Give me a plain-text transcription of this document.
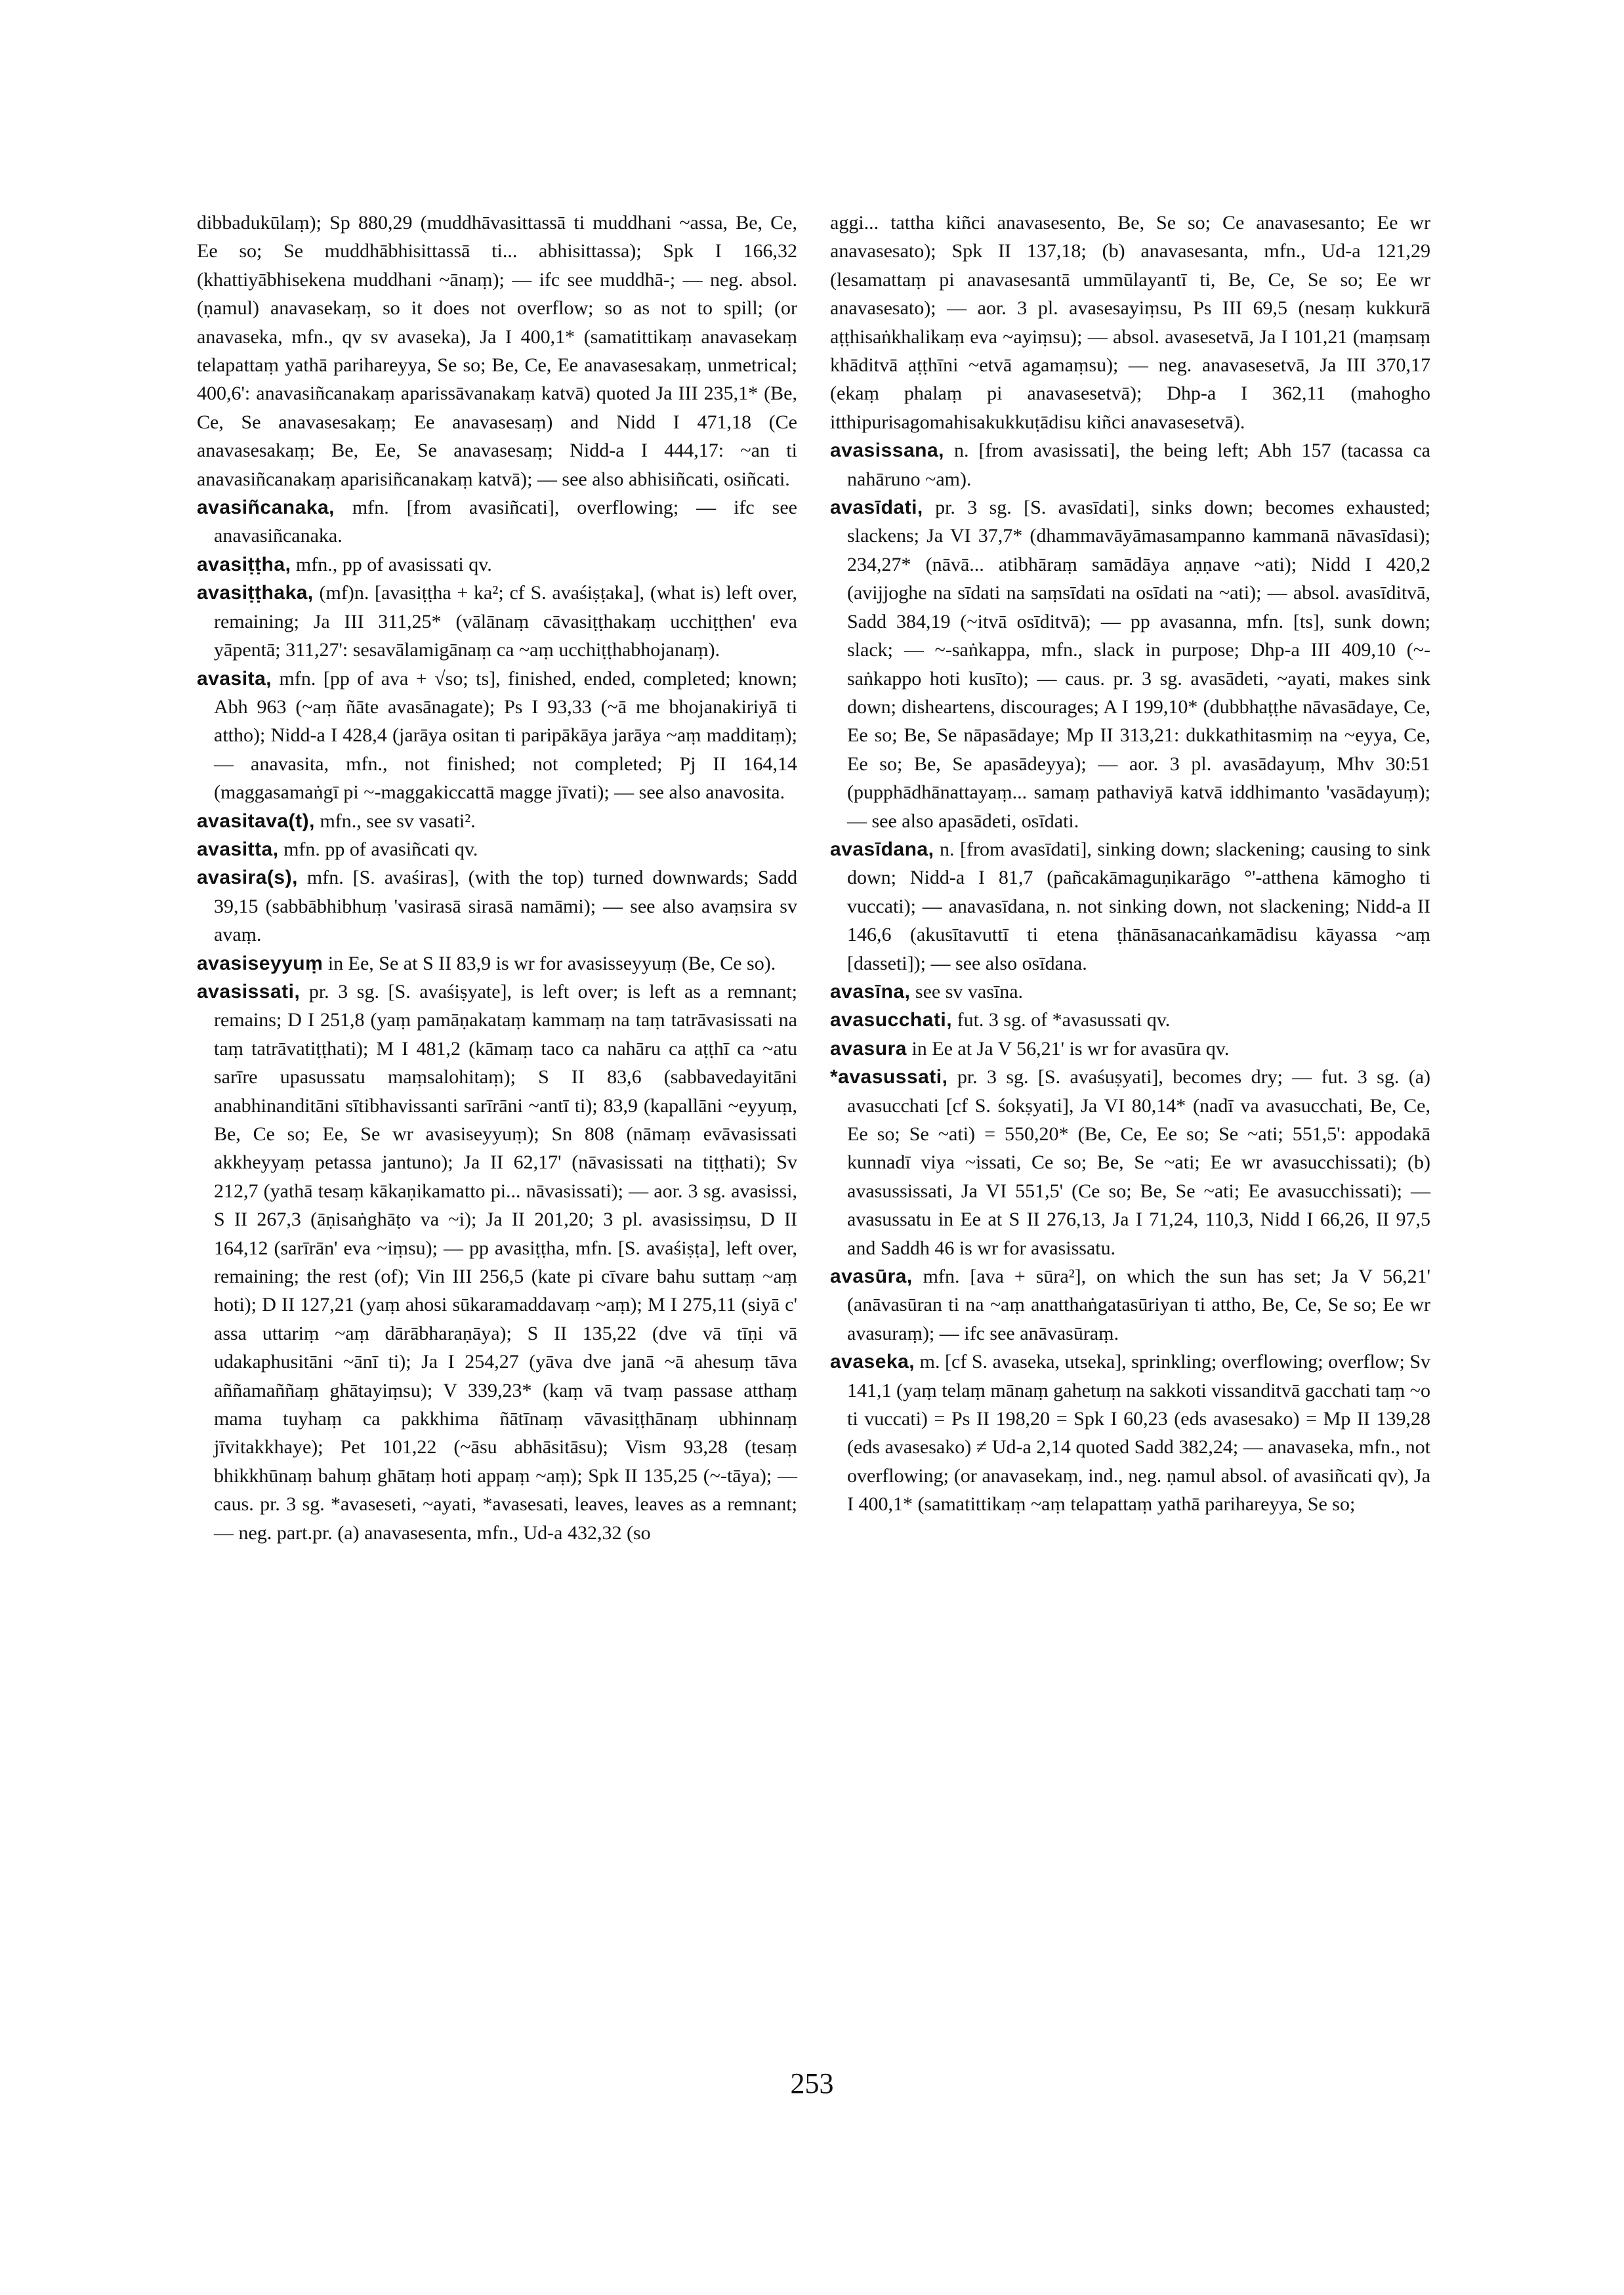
dibbadukūlaṃ); Sp 880,29 (muddhāvasittassā ti muddhani ~assa, Be, Ce, Ee so; Se muddhābhisittassā ti... abhisittassa); Spk I 166,32 (khattiyābhisekena muddhani ~ānaṃ); — ifc see muddhā-; — neg. absol. (ṇamul) anavasekaṃ, so it does not overflow; so as not to spill; (or anavaseka, mfn., qv sv avaseka), Ja I 400,1* (samatittikaṃ anavasekaṃ telapattaṃ yathā parihareyya, Se so; Be, Ce, Ee anavasesakaṃ, unmetrical; 400,6': anavasiñcanakaṃ aparissāvanakaṃ katvā) quoted Ja III 235,1* (Be, Ce, Se anavasesakaṃ; Ee anavasesaṃ) and Nidd I 471,18 (Ce anavasesakaṃ; Be, Ee, Se anavasesaṃ; Nidd-a I 444,17: ~an ti anavasiñcanakaṃ aparisiñcanakaṃ katvā); — see also abhisiñcati, osiñcati.

avasiñcanaka, mfn. [from avasiñcati], overflowing; — ifc see anavasiñcanaka.

avasiṭṭha, mfn., pp of avasissati qv.

avasiṭṭhaka, (mf)n. [avasiṭṭha + ka²; cf S. avaśiṣṭaka], (what is) left over, remaining; Ja III 311,25* (vālānaṃ cāvasiṭṭhakaṃ ucchiṭṭhen' eva yāpentā; 311,27': sesavālamigānaṃ ca ~aṃ ucchiṭṭhabhojanaṃ).

avasita, mfn. [pp of ava + √so; ts], finished, ended, completed; known; Abh 963 (~aṃ ñāte avasānagate); Ps I 93,33 (~ā me bhojanakiriyā ti attho); Nidd-a I 428,4 (jarāya ositan ti paripākāya jarāya ~aṃ madditaṃ); — anavasita, mfn., not finished; not completed; Pj II 164,14 (maggasamaṅgī pi ~-maggakiccattā magge jīvati); — see also anavosita.

avasitava(t), mfn., see sv vasati².

avasitta, mfn. pp of avasiñcati qv.

avasira(s), mfn. [S. avaśiras], (with the top) turned downwards; Sadd 39,15 (sabbābhibhuṃ 'vasirasā sirasā namāmi); — see also avaṃsira sv avaṃ.

avasiseyyuṃ in Ee, Se at S II 83,9 is wr for avasisseyyuṃ (Be, Ce so).

avasissati, pr. 3 sg. [S. avaśiṣyate], is left over; is left as a remnant; remains; D I 251,8 (yaṃ pamāṇakataṃ kammaṃ na taṃ tatrāvasissati na taṃ tatrāvatiṭṭhati); M I 481,2 (kāmaṃ taco ca nahāru ca aṭṭhī ca ~atu sarīre upasussatu maṃsalohitaṃ); S II 83,6 (sabbavedayitāni anabhinanditāni sītibhavissanti sarīrāni ~antī ti); 83,9 (kapallāni ~eyyuṃ, Be, Ce so; Ee, Se wr avasiseyyuṃ); Sn 808 (nāmaṃ evāvasissati akkheyyaṃ petassa jantuno); Ja II 62,17' (nāvasissati na tiṭṭhati); Sv 212,7 (yathā tesaṃ kākaṇikamatto pi... nāvasissati); — aor. 3 sg. avasissi, S II 267,3 (āṇisaṅghāṭo va ~i); Ja II 201,20; 3 pl. avasissiṃsu, D II 164,12 (sarīrān' eva ~iṃsu); — pp avasiṭṭha, mfn. [S. avaśiṣṭa], left over, remaining; the rest (of); Vin III 256,5 (kate pi cīvare bahu suttaṃ ~aṃ hoti); D II 127,21 (yaṃ ahosi sūkaramaddavaṃ ~aṃ); M I 275,11 (siyā c' assa uttariṃ ~aṃ dārābharaṇāya); S II 135,22 (dve vā tīṇi vā udakaphusitāni ~ānī ti); Ja I 254,27 (yāva dve janā ~ā ahesuṃ tāva aññamaññaṃ ghātayiṃsu); V 339,23* (kaṃ vā tvaṃ passase atthaṃ mama tuyhaṃ ca pakkhima ñātīnaṃ vāvasiṭṭhānaṃ ubhinnaṃ jīvitakkhaye); Pet 101,22 (~āsu abhāsitāsu); Vism 93,28 (tesaṃ bhikkhūnaṃ bahuṃ ghātaṃ hoti appaṃ ~aṃ); Spk II 135,25 (~-tāya); — caus. pr. 3 sg. *avaseseti, ~ayati, *avasesati, leaves, leaves as a remnant; — neg. part.pr. (a) anavasesenta, mfn., Ud-a 432,32 (so

aggi... tattha kiñci anavasesento, Be, Se so; Ce anavasesanto; Ee wr anavasesato); Spk II 137,18; (b) anavasesanta, mfn., Ud-a 121,29 (lesamattaṃ pi anavasesantā ummūlayantī ti, Be, Ce, Se so; Ee wr anavasesato); — aor. 3 pl. avasesayiṃsu, Ps III 69,5 (nesaṃ kukkurā aṭṭhisaṅkhalikaṃ eva ~ayiṃsu); — absol. avasesetvā, Ja I 101,21 (maṃsaṃ khāditvā aṭṭhīni ~etvā agamaṃsu); — neg. anavasesetvā, Ja III 370,17 (ekaṃ phalaṃ pi anavasesetvā); Dhp-a I 362,11 (mahogho itthipurisagomahisakukkuṭādisu kiñci anavasesetvā).

avasissana, n. [from avasissati], the being left; Abh 157 (tacassa ca nahāruno ~am).

avasīdati, pr. 3 sg. [S. avasīdati], sinks down; becomes exhausted; slackens; Ja VI 37,7* (dhammavāyāmasampanno kammanā nāvasīdasi); 234,27* (nāvā... atibhāraṃ samādāya aṇṇave ~ati); Nidd I 420,2 (avijjoghe na sīdati na saṃsīdati na osīdati na ~ati); — absol. avasīditvā, Sadd 384,19 (~itvā osīditvā); — pp avasanna, mfn. [ts], sunk down; slack; — ~-saṅkappa, mfn., slack in purpose; Dhp-a III 409,10 (~-saṅkappo hoti kusīto); — caus. pr. 3 sg. avasādeti, ~ayati, makes sink down; disheartens, discourages; A I 199,10* (dubbhaṭṭhe nāvasādaye, Ce, Ee so; Be, Se nāpasādaye; Mp II 313,21: dukkathitasmiṃ na ~eyya, Ce, Ee so; Be, Se apasādeyya); — aor. 3 pl. avasādayuṃ, Mhv 30:51 (pupphādhānattayaṃ... samaṃ pathaviyā katvā iddhimanto 'vasādayuṃ); — see also apasādeti, osīdati.

avasīdana, n. [from avasīdati], sinking down; slackening; causing to sink down; Nidd-a I 81,7 (pañcakāmaguṇikarāgo °'-atthena kāmogho ti vuccati); — anavasīdana, n. not sinking down, not slackening; Nidd-a II 146,6 (akusītavuttī ti etena ṭhānāsanacaṅkamādisu kāyassa ~aṃ [dasseti]); — see also osīdana.

avasīna, see sv vasīna.

avasucchati, fut. 3 sg. of *avasussati qv.

avasura in Ee at Ja V 56,21' is wr for avasūra qv.

*avasussati, pr. 3 sg. [S. avaśuṣyati], becomes dry; — fut. 3 sg. (a) avasucchati [cf S. śokṣyati], Ja VI 80,14* (nadī va avasucchati, Be, Ce, Ee so; Se ~ati) = 550,20* (Be, Ce, Ee so; Se ~ati; 551,5': appodakā kunnadī viya ~issati, Ce so; Be, Se ~ati; Ee wr avasucchissati); (b) avasussissati, Ja VI 551,5' (Ce so; Be, Se ~ati; Ee avasucchissati); — avasussatu in Ee at S II 276,13, Ja I 71,24, 110,3, Nidd I 66,26, II 97,5 and Saddh 46 is wr for avasissatu.

avasūra, mfn. [ava + sūra²], on which the sun has set; Ja V 56,21' (anāvasūran ti na ~aṃ anatthaṅgatasūriyan ti attho, Be, Ce, Se so; Ee wr avasuraṃ); — ifc see anāvasūraṃ.

avaseka, m. [cf S. avaseka, utseka], sprinkling; overflowing; overflow; Sv 141,1 (yaṃ telaṃ mānaṃ gahetuṃ na sakkoti vissanditvā gacchati taṃ ~o ti vuccati) = Ps II 198,20 = Spk I 60,23 (eds avasesako) = Mp II 139,28 (eds avasesako) ≠ Ud-a 2,14 quoted Sadd 382,24; — anavaseka, mfn., not overflowing; (or anavasekaṃ, ind., neg. ṇamul absol. of avasiñcati qv), Ja I 400,1* (samatittikaṃ ~aṃ telapattaṃ yathā parihareyya, Se so;

253
